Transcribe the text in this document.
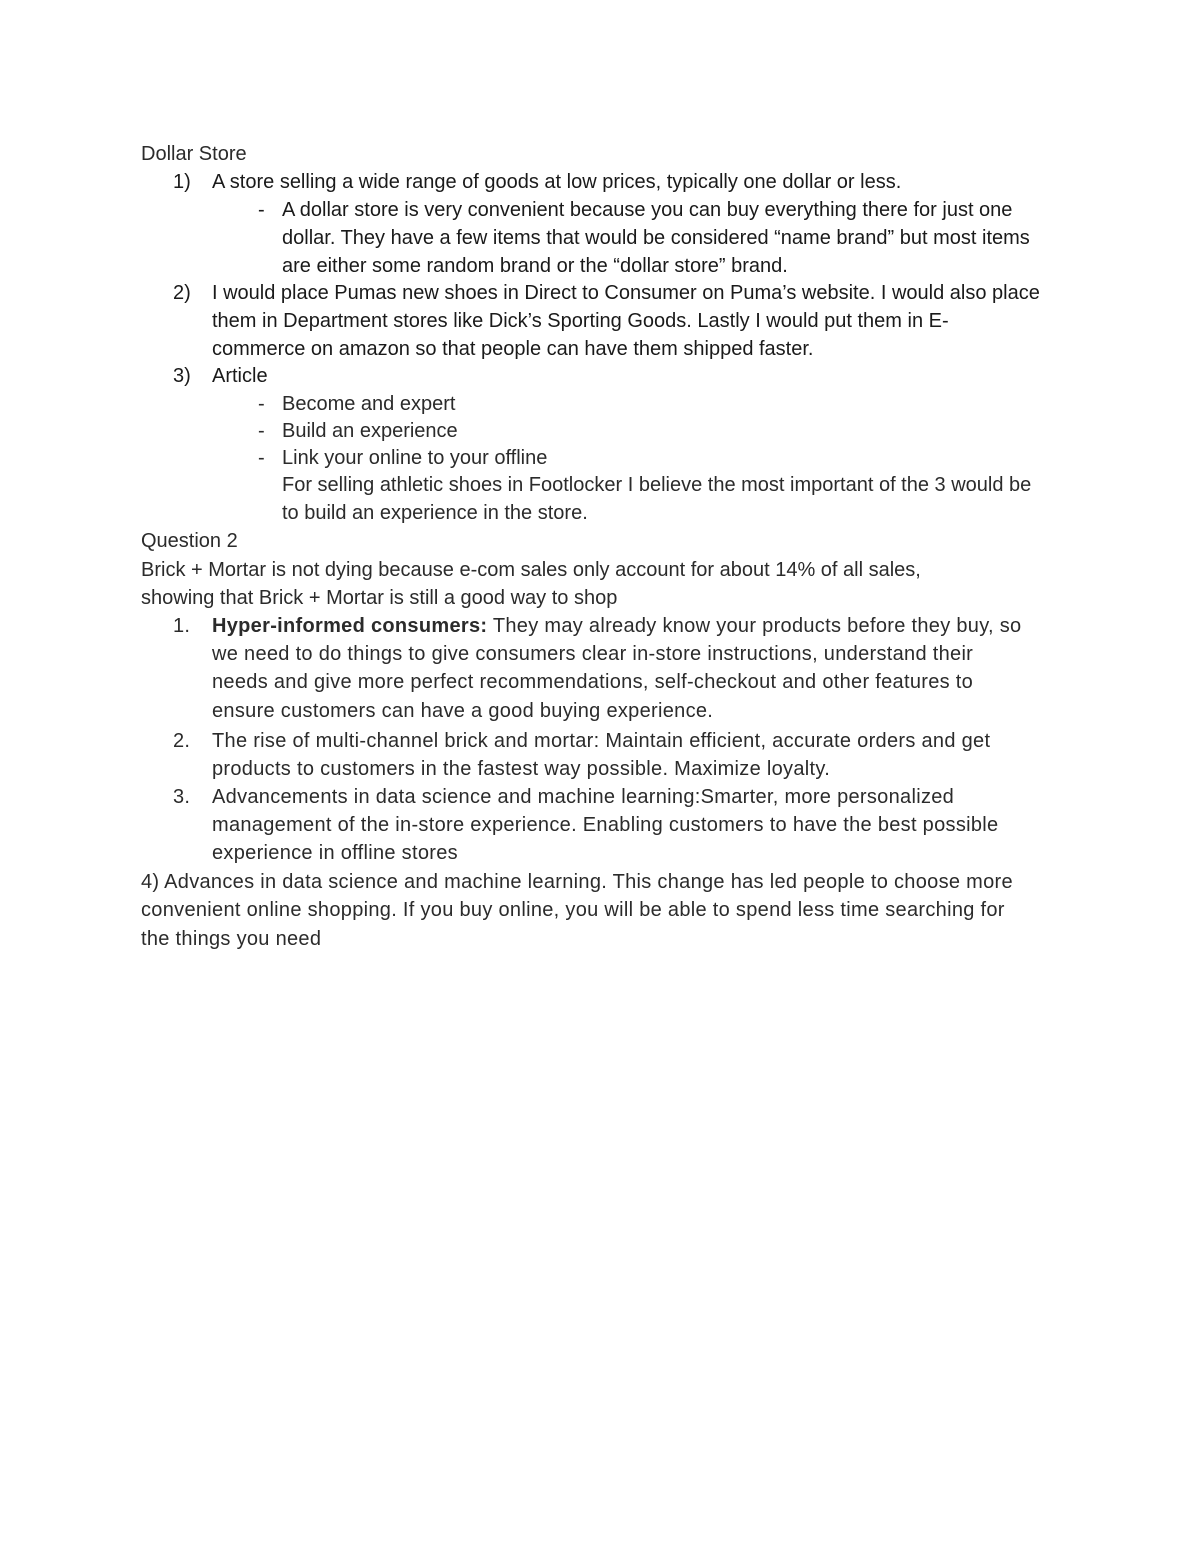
Dollar Store
1) A store selling a wide range of goods at low prices, typically one dollar or less.
- A dollar store is very convenient because you can buy everything there for just one
dollar. They have a few items that would be considered “name brand” but most items
are either some random brand or the “dollar store” brand.
2) I would place Pumas new shoes in Direct to Consumer on Puma’s website. I would also place
them in Department stores like Dick’s Sporting Goods. Lastly I would put them in E-
commerce on amazon so that people can have them shipped faster.
3) Article
- Become and expert
- Build an experience
- Link your online to your offline
For selling athletic shoes in Footlocker I believe the most important of the 3 would be
to build an experience in the store.
Question 2
Brick + Mortar is not dying because e-com sales only account for about 14% of all sales,
showing that Brick + Mortar is still a good way to shop
1. Hyper-informed consumers: They may already know your products before they buy, so
we need to do things to give consumers clear in-store instructions, understand their
needs and give more perfect recommendations, self-checkout and other features to
ensure customers can have a good buying experience.
2. The rise of multi-channel brick and mortar: Maintain efficient, accurate orders and get
products to customers in the fastest way possible. Maximize loyalty.
3. Advancements in data science and machine learning:Smarter, more personalized
management of the in-store experience. Enabling customers to have the best possible
experience in offline stores
4) Advances in data science and machine learning. This change has led people to choose more
convenient online shopping. If you buy online, you will be able to spend less time searching for
the things you need
